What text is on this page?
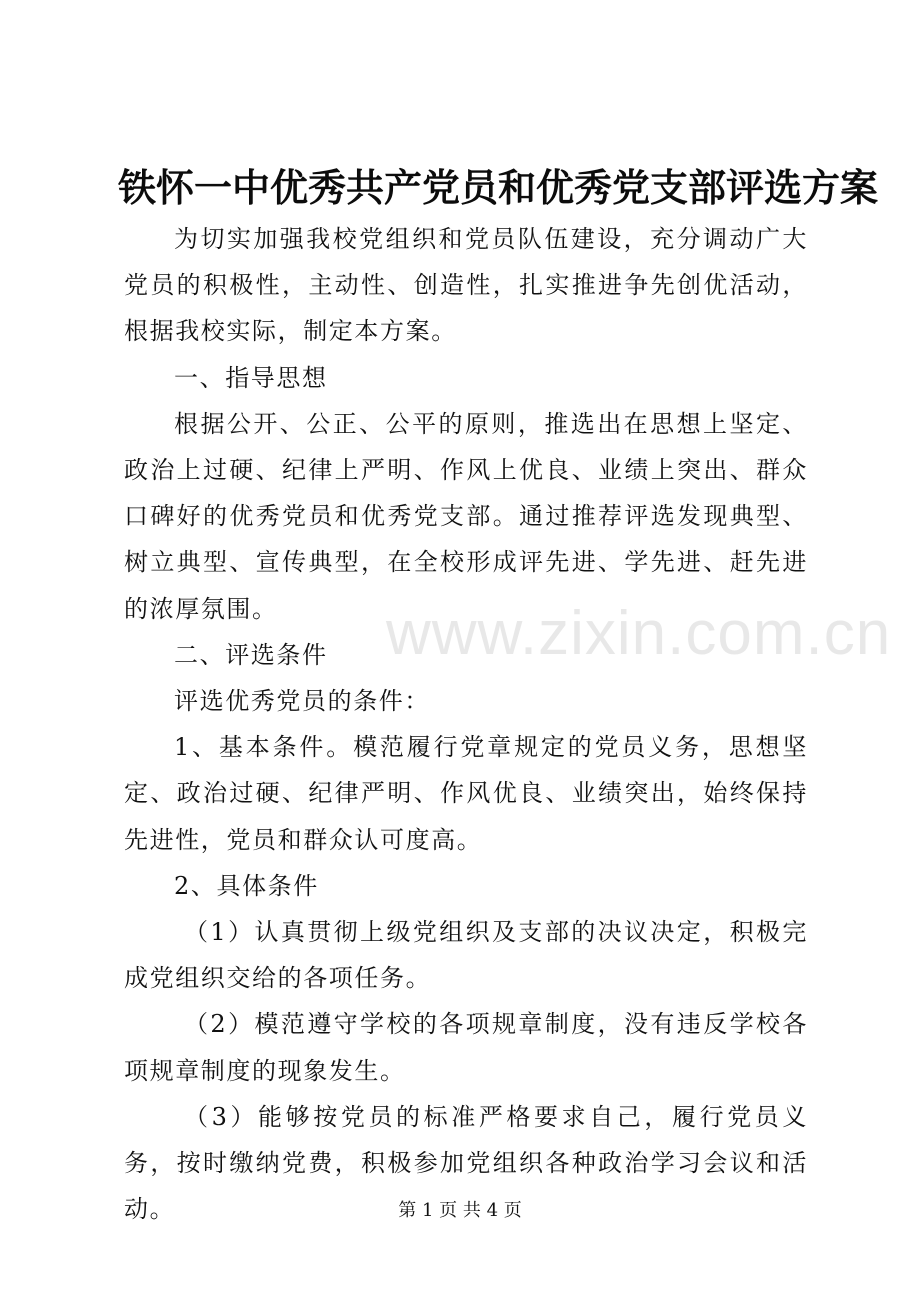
www.zixin.com.cn
铁怀一中优秀共产党员和优秀党支部评选方案

为切实加强我校党组织和党员队伍建设，充分调动广大党员的积极性，主动性、创造性，扎实推进争先创优活动，根据我校实际，制定本方案。

一、指导思想

根据公开、公正、公平的原则，推选出在思想上坚定、政治上过硬、纪律上严明、作风上优良、业绩上突出、群众口碑好的优秀党员和优秀党支部。通过推荐评选发现典型、树立典型、宣传典型，在全校形成评先进、学先进、赶先进的浓厚氛围。

二、评选条件

评选优秀党员的条件：

1、基本条件。模范履行党章规定的党员义务，思想坚定、政治过硬、纪律严明、作风优良、业绩突出，始终保持先进性，党员和群众认可度高。

2、具体条件

（1）认真贯彻上级党组织及支部的决议决定，积极完成党组织交给的各项任务。

（2）模范遵守学校的各项规章制度，没有违反学校各项规章制度的现象发生。

（3）能够按党员的标准严格要求自己，履行党员义务，按时缴纳党费，积极参加党组织各种政治学习会议和活动。	第 1 页 共 4 页
